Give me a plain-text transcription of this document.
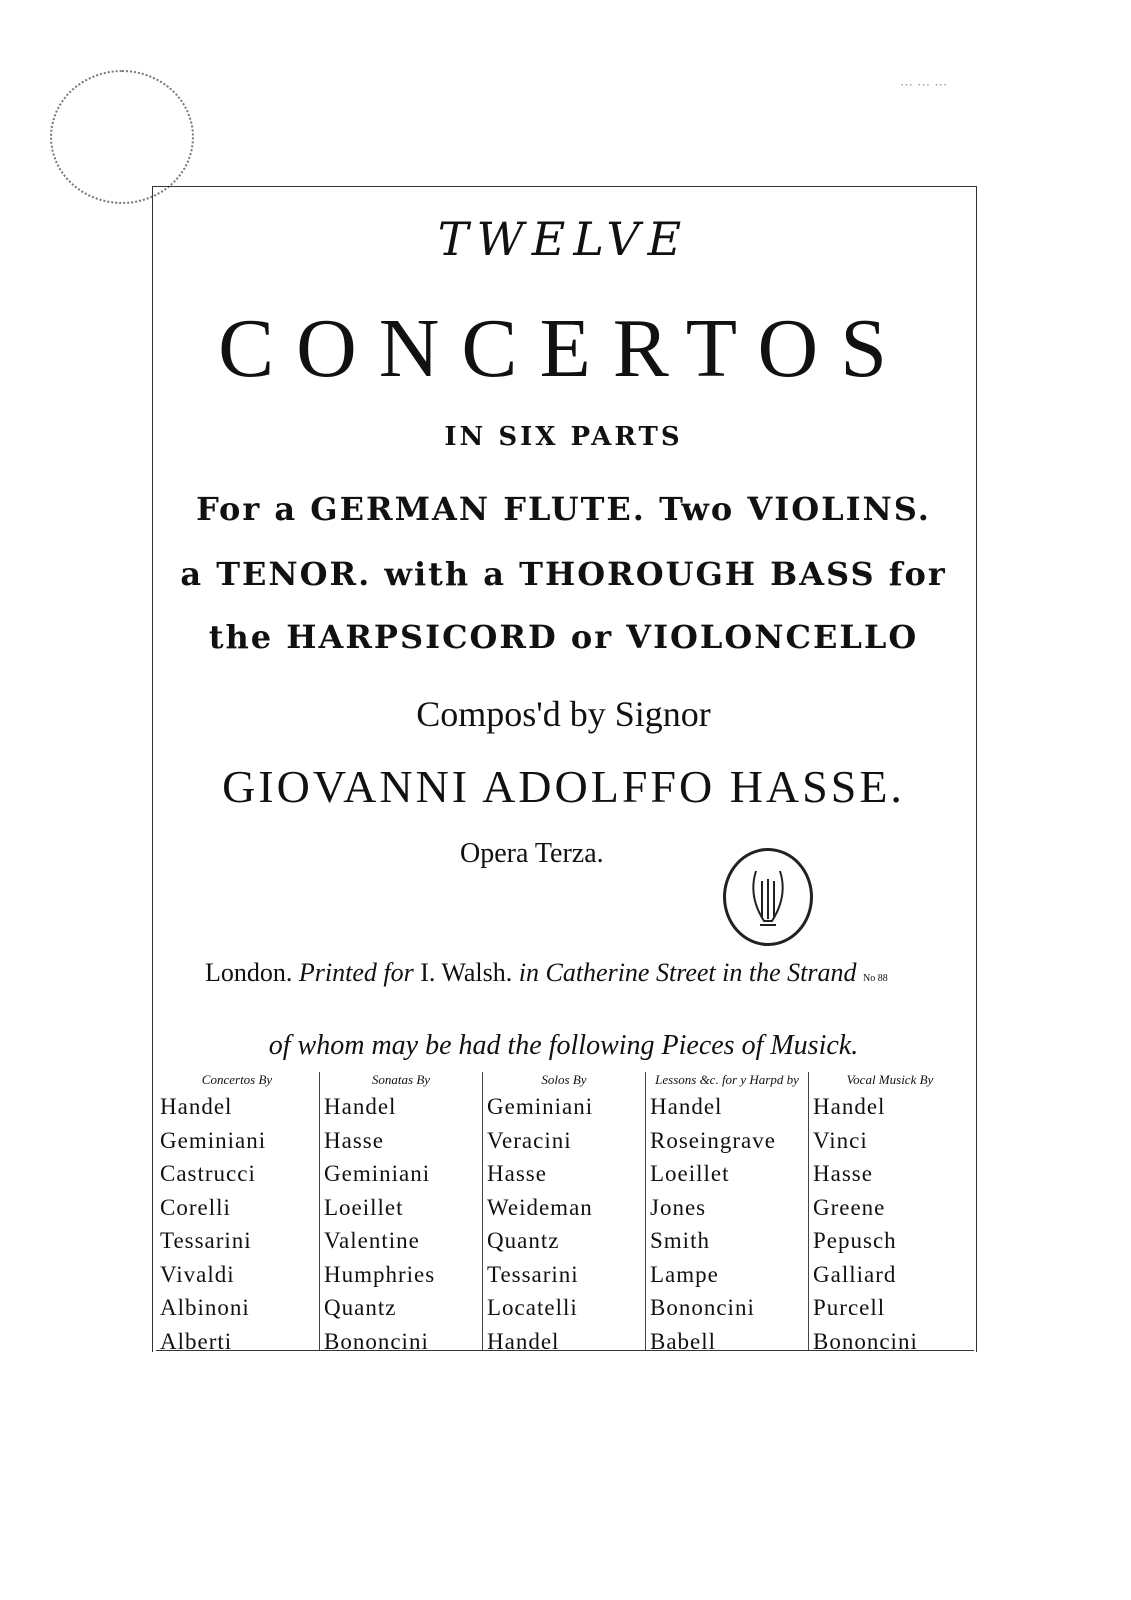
⋯ ⋯ ⋯
TWELVE
CONCERTOS
IN SIX PARTS
For a GERMAN FLUTE. Two VIOLINS.
a TENOR. with a THOROUGH BASS for
the HARPSICORD or VIOLONCELLO
Compos'd by Signor
GIOVANNI ADOLFFO HASSE.
Opera Terza.
London. Printed for I. Walsh. in Catherine Street in the Strand No 88
of whom may be had the following Pieces of Musick.
Concertos By
Handel
Geminiani
Castrucci
Corelli
Tessarini
Vivaldi
Albinoni
Alberti
Sonatas By
Handel
Hasse
Geminiani
Loeillet
Valentine
Humphries
Quantz
Bononcini
Solos By
Geminiani
Veracini
Hasse
Weideman
Quantz
Tessarini
Locatelli
Handel
Lessons &c. for y Harpd by
Handel
Roseingrave
Loeillet
Jones
Smith
Lampe
Bononcini
Babell
Vocal Musick By
Handel
Vinci
Hasse
Greene
Pepusch
Galliard
Purcell
Bononcini
